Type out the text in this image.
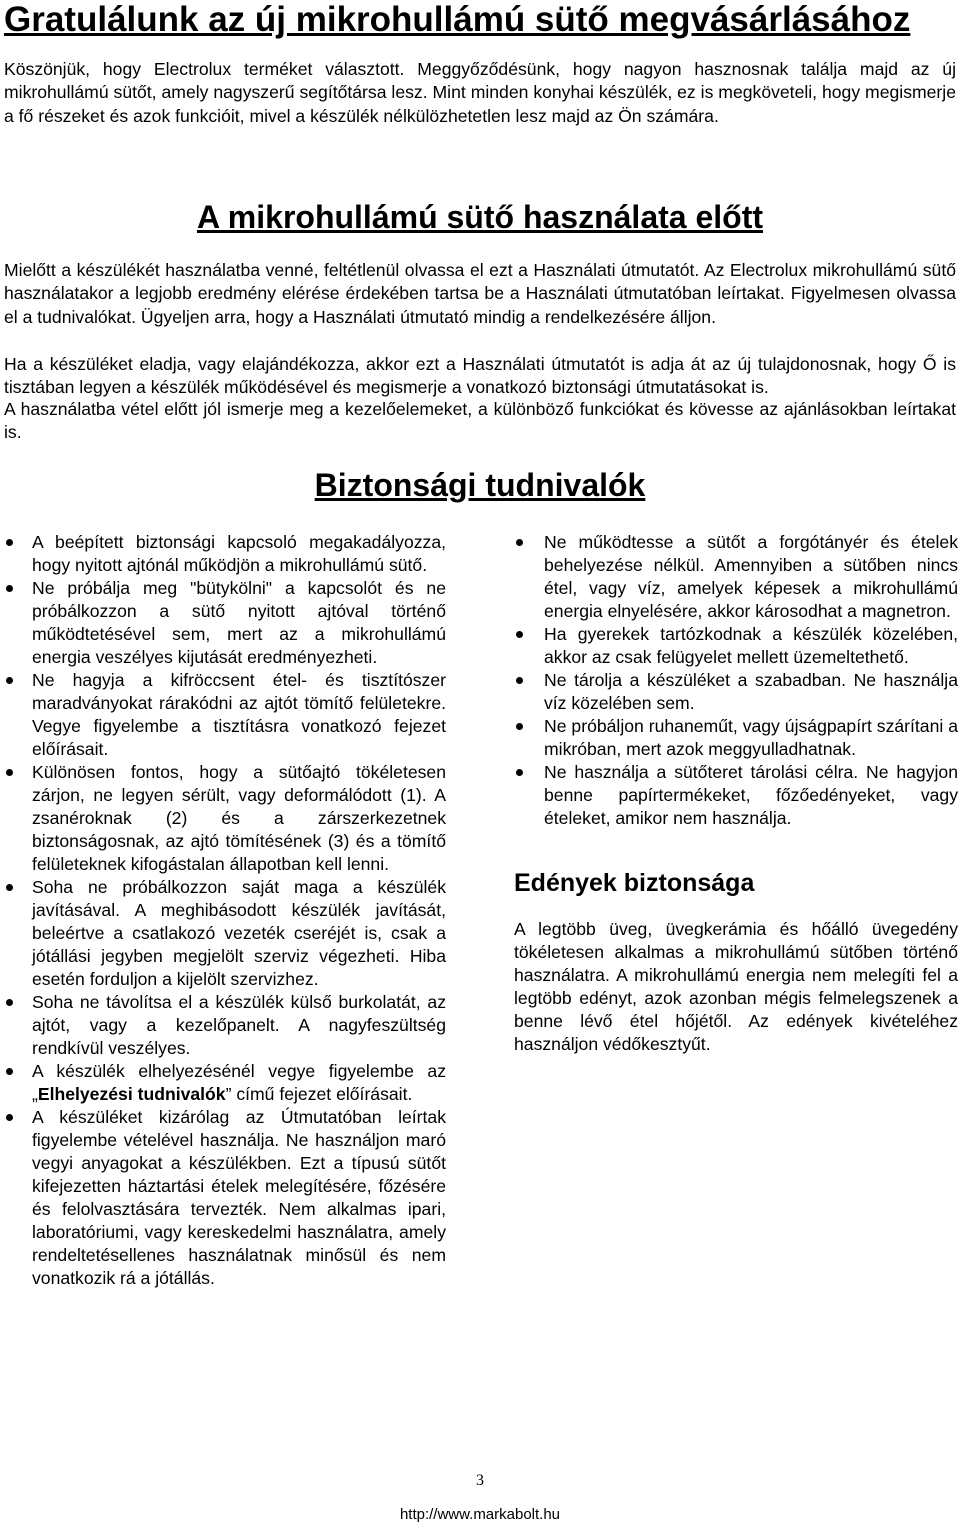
Gratulálunk az új mikrohullámú sütő megvásárlásához

Köszönjük, hogy Electrolux terméket választott. Meggyőződésünk, hogy nagyon hasznosnak találja majd az új mikrohullámú sütőt, amely nagyszerű segítőtársa lesz. Mint minden konyhai készülék, ez is megköveteli, hogy megismerje a fő részeket és azok funkcióit, mivel a készülék nélkülözhetetlen lesz majd az Ön számára.

A mikrohullámú sütő használata előtt

Mielőtt a készülékét használatba venné, feltétlenül olvassa el ezt a Használati útmutatót. Az Electrolux mikrohullámú sütő használatakor a legjobb eredmény elérése érdekében tartsa be a Használati útmutatóban leírtakat. Figyelmesen olvassa el a tudnivalókat. Ügyeljen arra, hogy a Használati útmutató mindig a rendelkezésére álljon.

Ha a készüléket eladja, vagy elajándékozza, akkor ezt a Használati útmutatót is adja át az új tulajdonosnak, hogy Ő is tisztában legyen a készülék működésével és megismerje a vonatkozó biztonsági útmutatásokat is.

A használatba vétel előtt jól ismerje meg a kezelőelemeket, a különböző funkciókat és kövesse az ajánlásokban leírtakat is.

Biztonsági tudnivalók
A beépített biztonsági kapcsoló megakadályozza, hogy nyitott ajtónál működjön a mikrohullámú sütő.
Ne próbálja meg "bütykölni" a kapcsolót és ne próbálkozzon a sütő nyitott ajtóval történő működtetésével sem, mert az a mikrohullámú energia veszélyes kijutását eredményezheti.
Ne hagyja a kifröccsent étel- és tisztítószer maradványokat rárakódni az ajtót tömítő felületekre. Vegye figyelembe a tisztításra vonatkozó fejezet előírásait.
Különösen fontos, hogy a sütőajtó tökéletesen zárjon, ne legyen sérült, vagy deformálódott (1). A zsanéroknak (2) és a zárszerkezetnek biztonságosnak, az ajtó tömítésének (3) és a tömítő felületeknek kifogástalan állapotban kell lenni.
Soha ne próbálkozzon saját maga a készülék javításával. A meghibásodott készülék javítását, beleértve a csatlakozó vezeték cseréjét is, csak a jótállási jegyben megjelölt szerviz végezheti. Hiba esetén forduljon a kijelölt szervizhez.
Soha ne távolítsa el a készülék külső burkolatát, az ajtót, vagy a kezelőpanelt. A nagyfeszültség rendkívül veszélyes.
A készülék elhelyezésénél vegye figyelembe az „Elhelyezési tudnivalók” című fejezet előírásait.
A készüléket kizárólag az Útmutatóban leírtak figyelembe vételével használja. Ne használjon maró vegyi anyagokat a készülékben. Ezt a típusú sütőt kifejezetten háztartási ételek melegítésére, főzésére és felolvasztására tervezték. Nem alkalmas ipari, laboratóriumi, vagy kereskedelmi használatra, amely rendeltetésellenes használatnak minősül és nem vonatkozik rá a jótállás.
Ne működtesse a sütőt a forgótányér és ételek behelyezése nélkül. Amennyiben a sütőben nincs étel, vagy víz, amelyek képesek a mikrohullámú energia elnyelésére, akkor károsodhat a magnetron.
Ha gyerekek tartózkodnak a készülék közelében, akkor az csak felügyelet mellett üzemeltethető.
Ne tárolja a készüléket a szabadban. Ne használja víz közelében sem.
Ne próbáljon ruhaneműt, vagy újságpapírt szárítani a mikróban, mert azok meggyulladhatnak.
Ne használja a sütőteret tárolási célra. Ne hagyjon benne papírtermékeket, főzőedényeket, vagy ételeket, amikor nem használja.
Edények biztonsága

A legtöbb üveg, üvegkerámia és hőálló üvegedény tökéletesen alkalmas a mikrohullámú sütőben történő használatra. A mikrohullámú energia nem melegíti fel a legtöbb edényt, azok azonban mégis felmelegszenek a benne lévő étel hőjétől. Az edények kivételéhez használjon védőkesztyűt.

3
http://www.markabolt.hu
